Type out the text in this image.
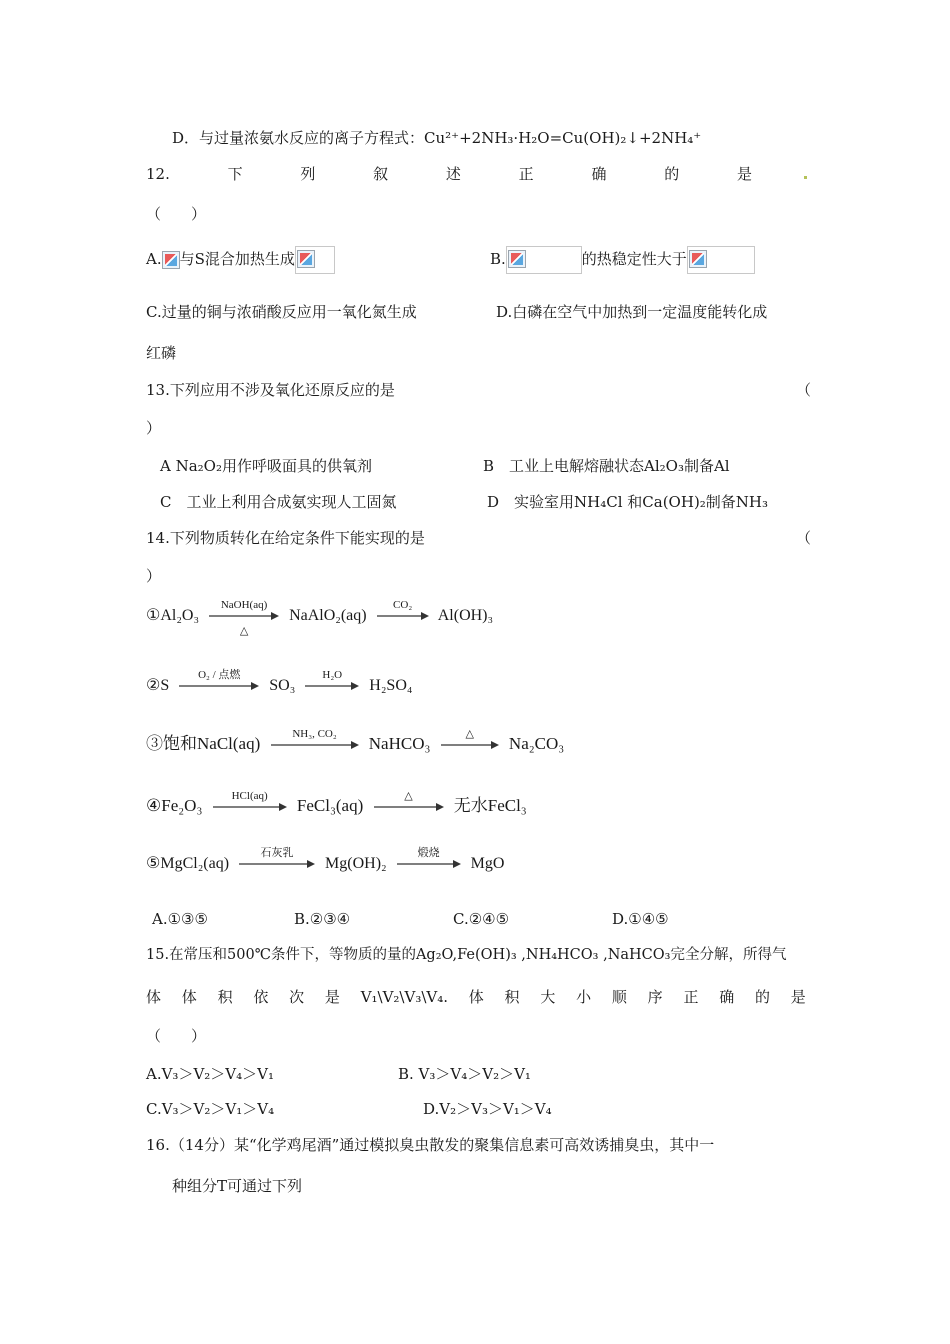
D．与过量浓氨水反应的离子方程式：Cu²⁺+2NH₃·H₂O=Cu(OH)₂↓+2NH₄⁺
12.	下	列	叙	述	正	确	的	是
（　　）
A. 与S混合加热生成	B.	的热稳定性大于
C.过量的铜与浓硝酸反应用一氧化氮生成	D.白磷在空气中加热到一定温度能转化成
红磷
13.下列应用不涉及氧化还原反应的是	（
）
A Na₂O₂用作呼吸面具的供氧剂	B　工业上电解熔融状态Al₂O₃制备Al
C　工业上利用合成氨实现人工固氮	D　实验室用NH₄Cl 和Ca(OH)₂制备NH₃
14.下列物质转化在给定条件下能实现的是	（
）
①Al₂O₃
NaOH(aq)
△
NaAlO₂(aq)
CO₂
Al(OH)₃
②S
O₂ / 点燃
SO₃
H₂O
H₂SO₄
③饱和NaCl(aq)	NH₃, CO₂	NaHCO₃	△	Na₂CO₃
④Fe₂O₃	HCl(aq)	FeCl₃(aq)	△	无水FeCl₃
⑤MgCl₂(aq)
石灰乳
Mg(OH)₂
煅烧
MgO
A.①③⑤	B.②③④	C.②④⑤	D.①④⑤
15.在常压和500℃条件下，等物质的量的Ag₂O,Fe(OH)₃ ,NH₄HCO₃ ,NaHCO₃完全分解，所得气
体 体 积 依 次 是 V₁\V₂\V₃\V₄. 体 积 大 小 顺 序 正 确 的 是
（　　）
A.V₃＞V₂＞V₄＞V₁	B. V₃＞V₄＞V₂＞V₁
C.V₃＞V₂＞V₁＞V₄	D.V₂＞V₃＞V₁＞V₄
16.（14分）某“化学鸡尾酒”通过模拟臭虫散发的聚集信息素可高效诱捕臭虫，其中一
种组分T可通过下列
